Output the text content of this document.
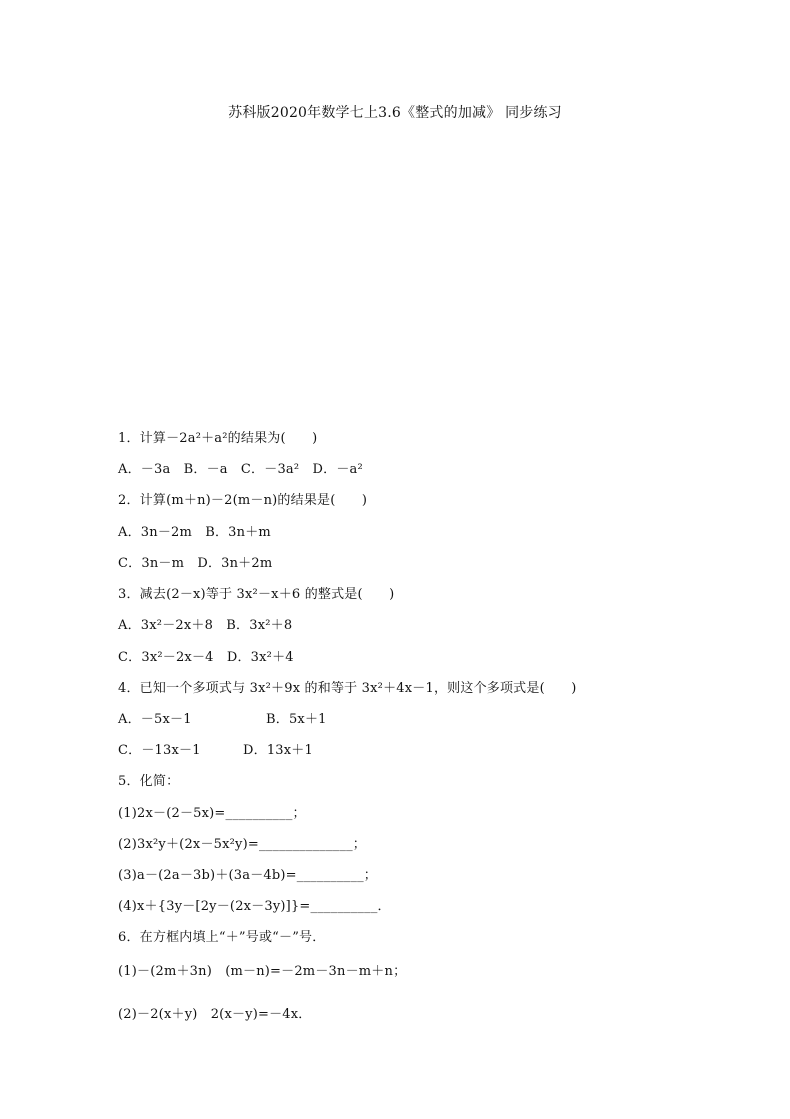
苏科版2020年数学七上3.6《整式的加减》 同步练习
1．计算－2a²＋a²的结果为(　　)
A．－3a　B．－a　C．－3a²　D．－a²
2．计算(m＋n)－2(m－n)的结果是(　　)
A．3n－2m　B．3n＋m
C．3n－m　D．3n＋2m
3．减去(2－x)等于 3x²－x＋6 的整式是(　　)
A．3x²－2x＋8　B．3x²＋8
C．3x²－2x－4　D．3x²＋4
4．已知一个多项式与 3x²＋9x 的和等于 3x²＋4x－1，则这个多项式是(　　)
A．－5x－1	B．5x＋1
C．－13x－1	D．13x＋1
5．化简：
(1)2x－(2－5x)=__________；
(2)3x²y＋(2x－5x²y)=______________；
(3)a－(2a－3b)＋(3a－4b)=__________；
(4)x＋{3y－[2y－(2x－3y)]}=__________．
6．在方框内填上“＋”号或“－”号．
(1)－(2m＋3n)　(m－n)=－2m－3n－m＋n；
(2)－2(x＋y)　2(x－y)=－4x．
